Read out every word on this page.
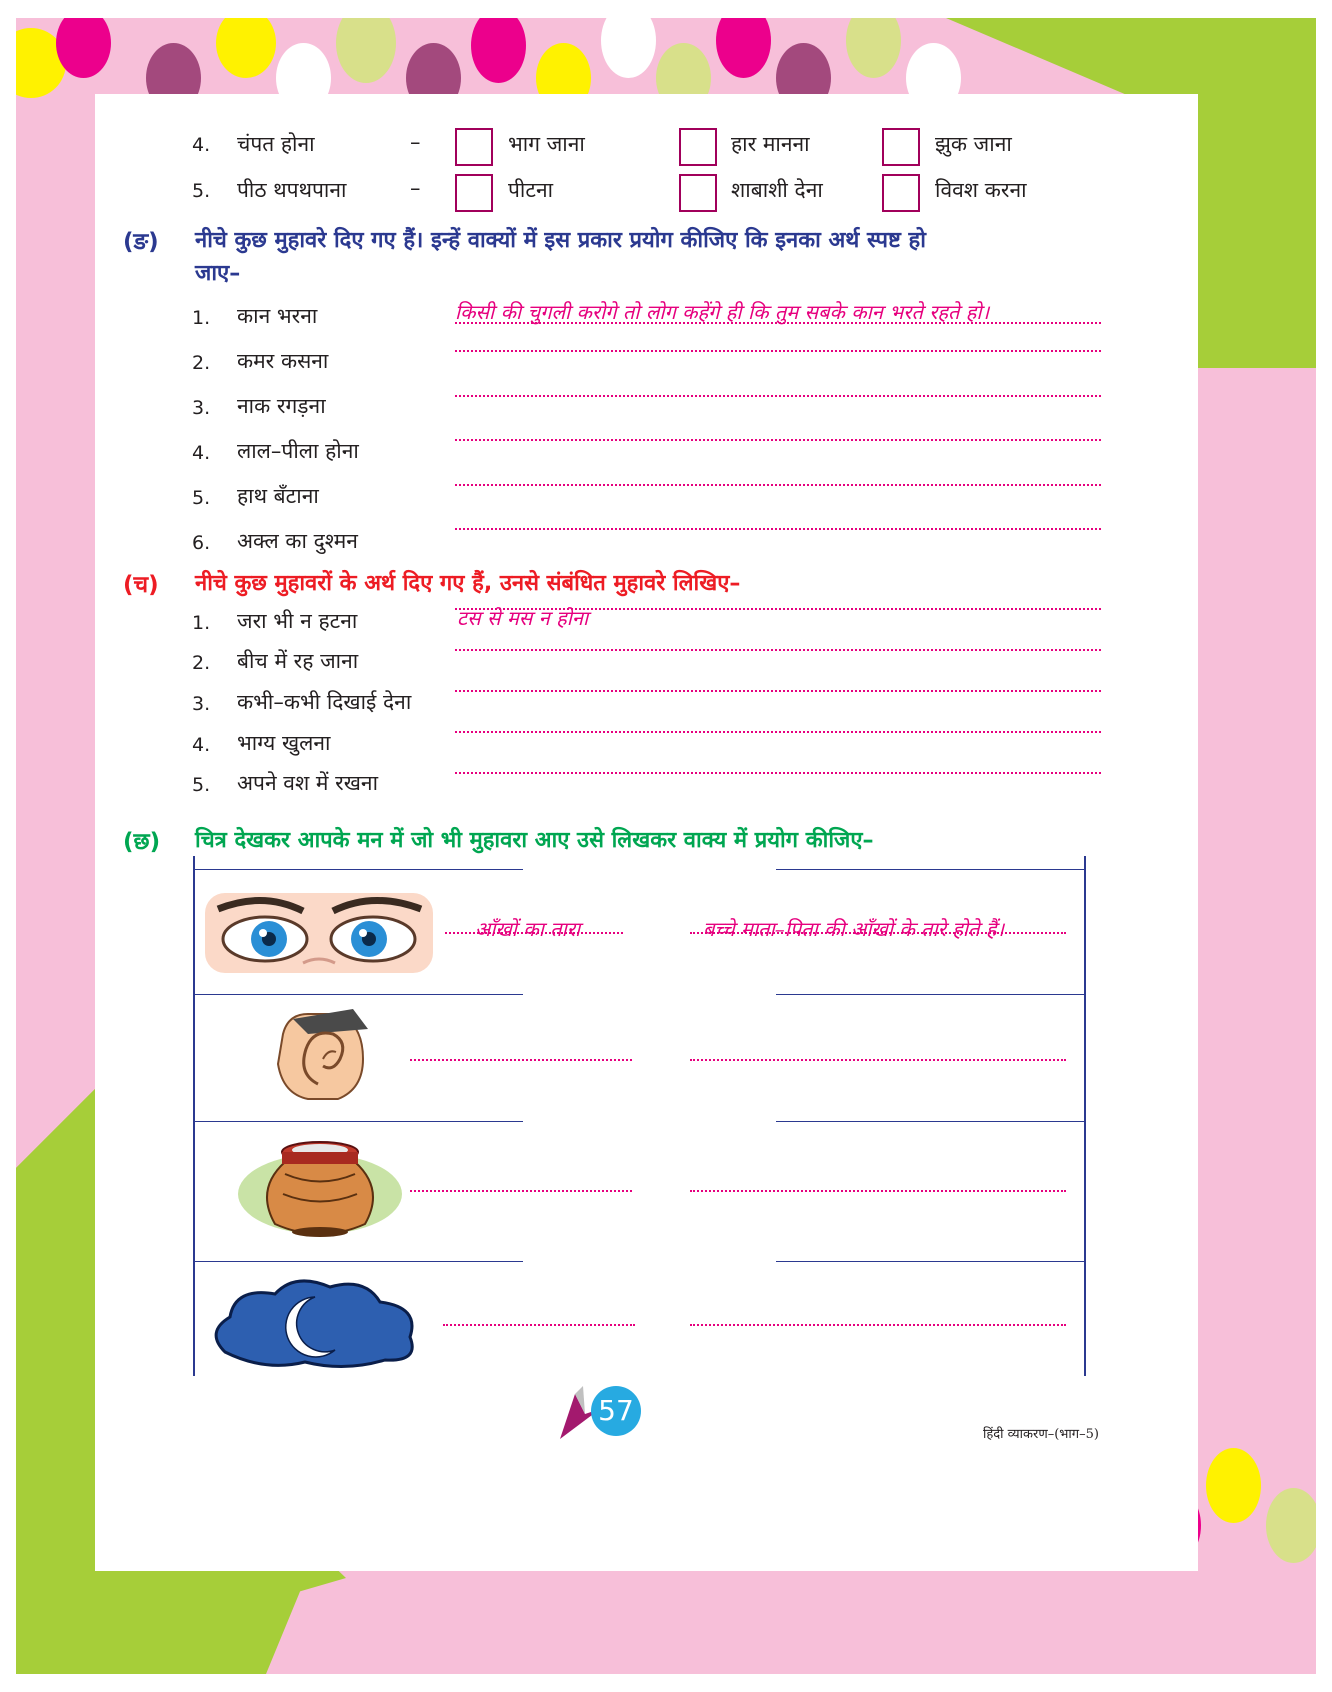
4. चंपत होना	–	भाग जाना	हार मानना	झुक जाना
5. पीठ थपथपाना	–	पीटना	शाबाशी देना	विवश करना
(ङ) नीचे कुछ मुहावरे दिए गए हैं। इन्हें वाक्यों में इस प्रकार प्रयोग कीजिए कि इनका अर्थ स्पष्ट हो
जाए–
1. कान भरना	किसी की चुगली करोगे तो लोग कहेंगे ही कि तुम सबके कान भरते रहते हो।
2. कमर कसना
3. नाक रगड़ना
4. लाल–पीला होना
5. हाथ बँटाना
6. अक्ल का दुश्मन
(च) नीचे कुछ मुहावरों के अर्थ दिए गए हैं, उनसे संबंधित मुहावरे लिखिए–
1. जरा भी न हटना	टस से मस न होना
2. बीच में रह जाना
3. कभी–कभी दिखाई देना
4. भाग्य खुलना
5. अपने वश में रखना
(छ) चित्र देखकर आपके मन में जो भी मुहावरा आए उसे लिखकर वाक्य में प्रयोग कीजिए–
आँखों का तारा	बच्चे माता–पिता की आँखों के तारे होते हैं।
57
हिंदी व्याकरण–(भाग–5)
